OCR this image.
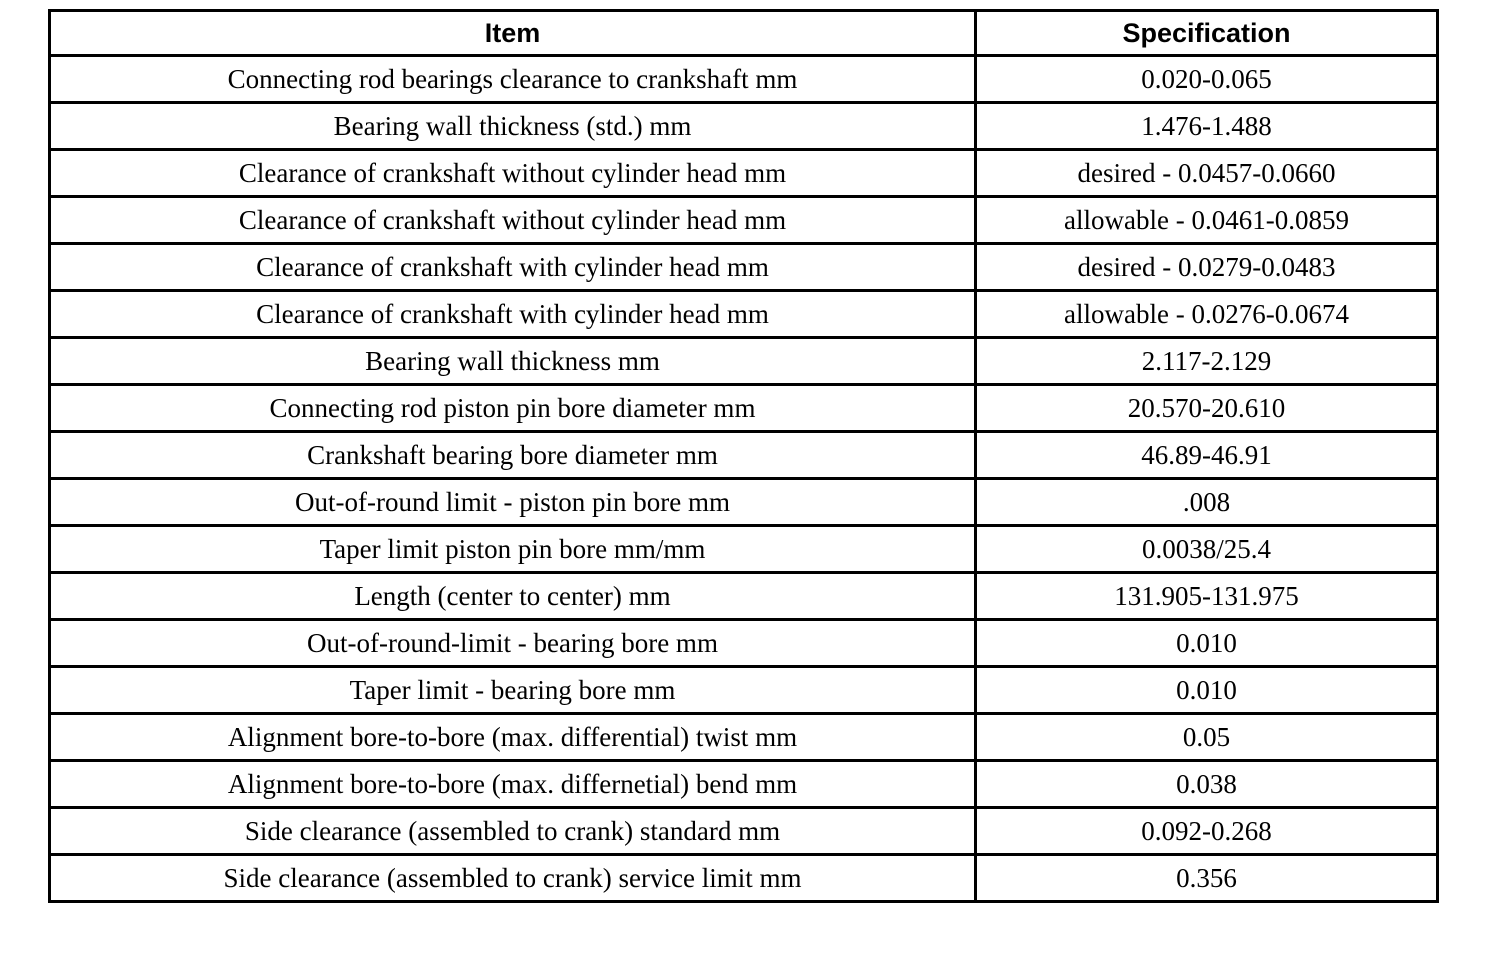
Item	Specification
Connecting rod bearings clearance to crankshaft mm	0.020-0.065
Bearing wall thickness (std.) mm	1.476-1.488
Clearance of crankshaft without cylinder head mm	desired - 0.0457-0.0660
Clearance of crankshaft without cylinder head mm	allowable - 0.0461-0.0859
Clearance of crankshaft with cylinder head mm	desired - 0.0279-0.0483
Clearance of crankshaft with cylinder head mm	allowable - 0.0276-0.0674
Bearing wall thickness mm	2.117-2.129
Connecting rod piston pin bore diameter mm	20.570-20.610
Crankshaft bearing bore diameter mm	46.89-46.91
Out-of-round limit - piston pin bore mm	.008
Taper limit piston pin bore mm/mm	0.0038/25.4
Length (center to center) mm	131.905-131.975
Out-of-round-limit - bearing bore mm	0.010
Taper limit - bearing bore mm	0.010
Alignment bore-to-bore (max. differential) twist mm	0.05
Alignment bore-to-bore (max. differnetial) bend mm	0.038
Side clearance (assembled to crank) standard mm	0.092-0.268
Side clearance (assembled to crank) service limit mm	0.356
